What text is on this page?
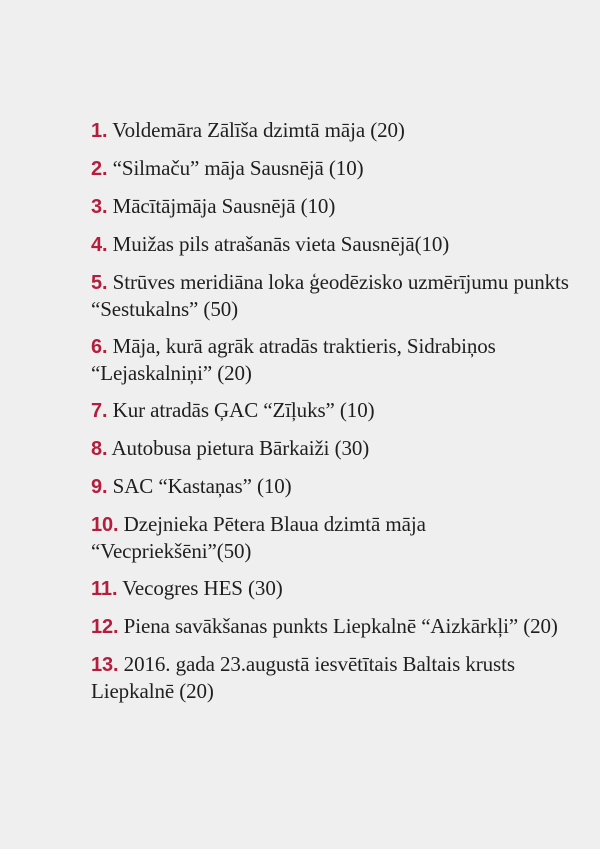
1. Voldemāra Zālīša dzimtā māja (20)
2. “Silmaču” māja Sausnējā (10)
3. Mācītājmāja Sausnējā (10)
4. Muižas pils atrašanās vieta Sausnējā(10)
5. Strūves meridiāna loka ģeodēzisko uzmērījumu punkts “Sestukalns” (50)
6. Māja, kurā agrāk atradās traktieris, Sidrabiņos “Lejaskalniņi” (20)
7. Kur atradās ĢAC “Zīļuks” (10)
8. Autobusa pietura Bārkaiži (30)
9. SAC “Kastaņas” (10)
10. Dzejnieka Pētera Blaua dzimtā māja “Vecpriekšēni”(50)
11. Vecogres HES (30)
12. Piena savākšanas punkts Liepkalnē “Aizkārkļi” (20)
13. 2016. gada 23.augustā iesvētītais Baltais krusts Liepkalnē (20)
